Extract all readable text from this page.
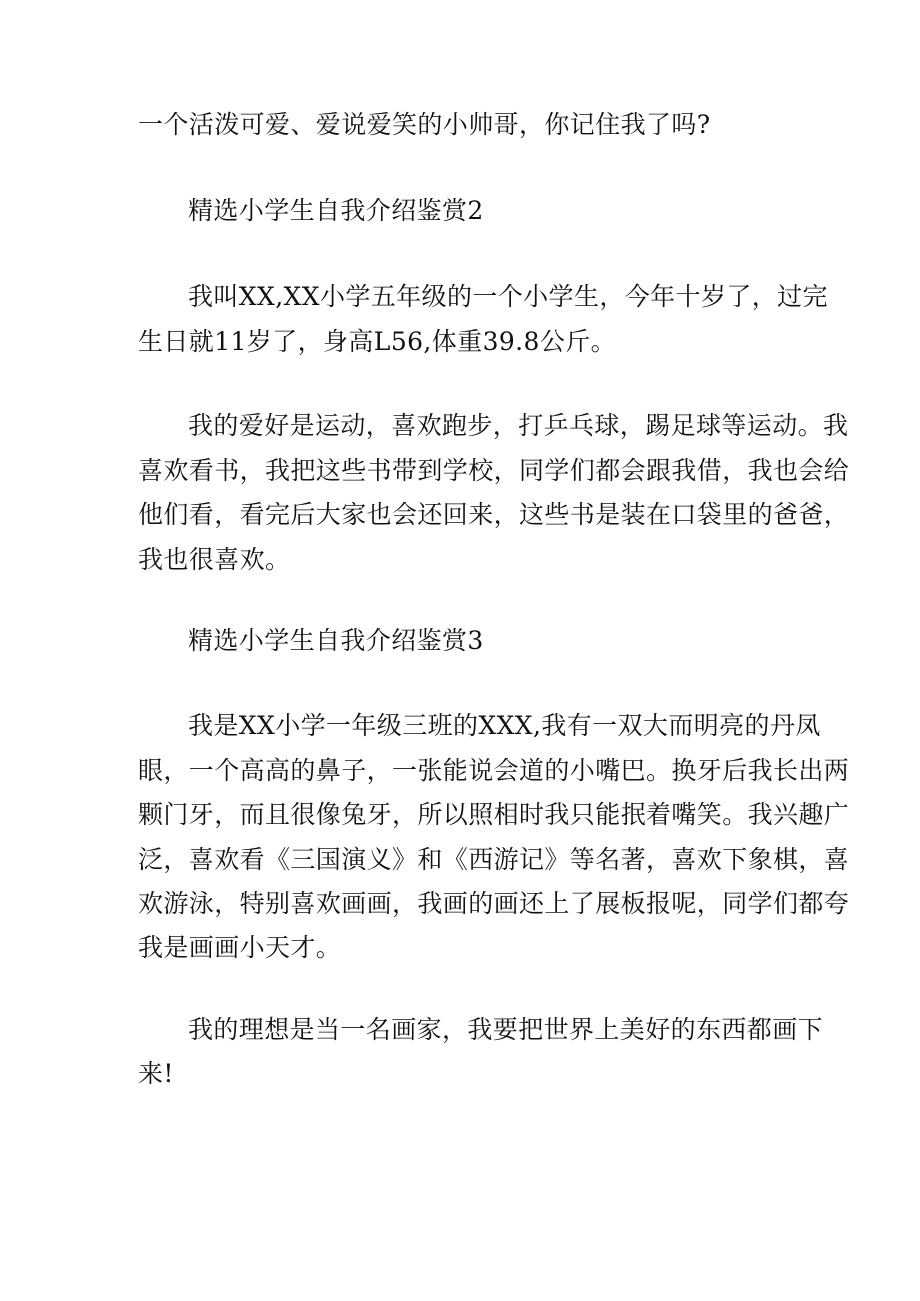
一个活泼可爱、爱说爱笑的小帅哥，你记住我了吗?
精选小学生自我介绍鉴赏2
我叫XX,XX小学五年级的一个小学生，今年十岁了，过完
生日就11岁了，身高L56,体重39.8公斤。
我的爱好是运动，喜欢跑步，打乒乓球，踢足球等运动。我
喜欢看书，我把这些书带到学校，同学们都会跟我借，我也会给
他们看，看完后大家也会还回来，这些书是装在口袋里的爸爸，
我也很喜欢。
精选小学生自我介绍鉴赏3
我是XX小学一年级三班的XXX,我有一双大而明亮的丹凤
眼，一个高高的鼻子，一张能说会道的小嘴巴。换牙后我长出两
颗门牙，而且很像兔牙，所以照相时我只能抿着嘴笑。我兴趣广
泛，喜欢看《三国演义》和《西游记》等名著，喜欢下象棋，喜
欢游泳，特别喜欢画画，我画的画还上了展板报呢，同学们都夸
我是画画小天才。
我的理想是当一名画家，我要把世界上美好的东西都画下
来!
